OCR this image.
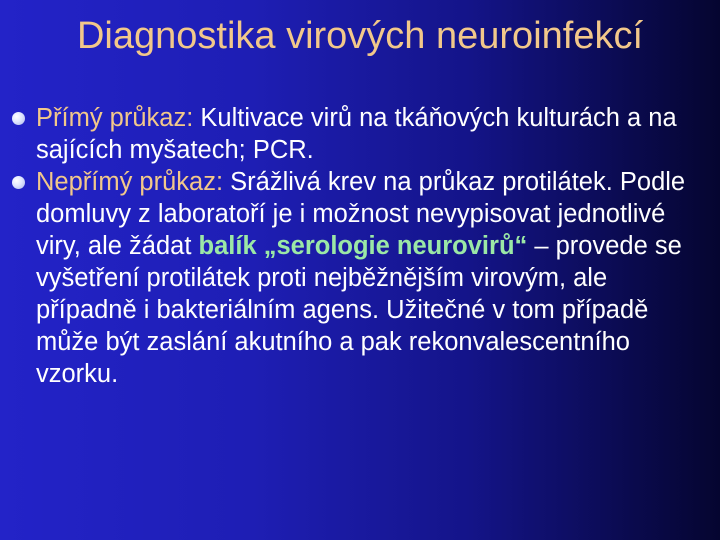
Diagnostika virových neuroinfekcí
Přímý průkaz: Kultivace virů na tkáňových kulturách a na sajících myšatech; PCR.
Nepřímý průkaz: Srážlivá krev na průkaz protilátek. Podle domluvy z laboratoří je i možnost nevypisovat jednotlivé viry, ale žádat balík „serologie neurovirů“ – provede se vyšetření protilátek proti nejběžnějším virovým, ale případně i bakteriálním agens. Užitečné v tom případě může být zaslání akutního a pak rekonvalescentního vzorku.
